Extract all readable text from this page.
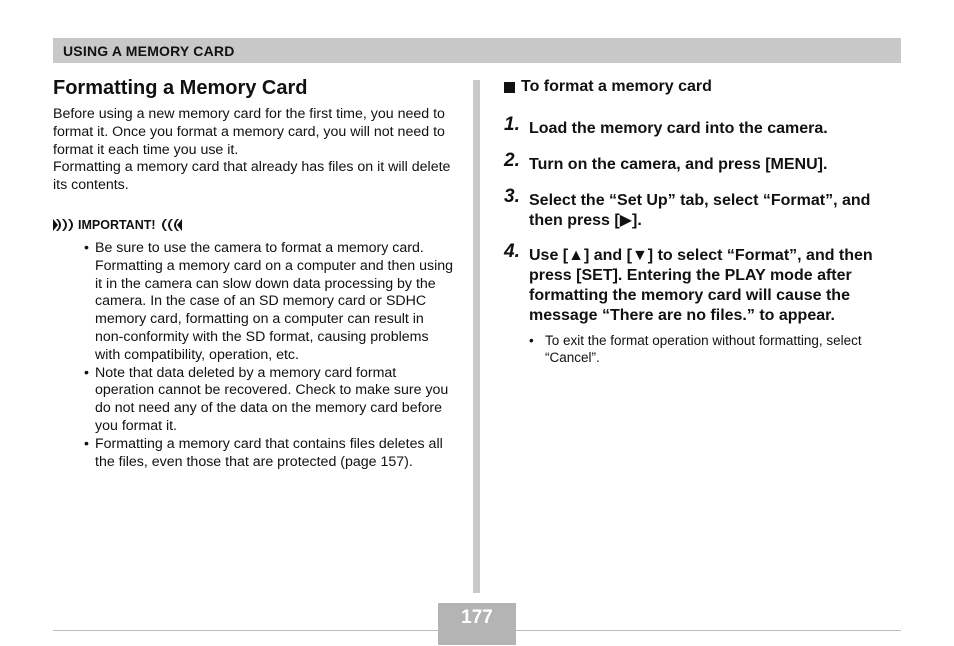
USING A MEMORY CARD
Formatting a Memory Card

Before using a new memory card for the first time, you need to format it. Once you format a memory card, you will not need to format it each time you use it.

Formatting a memory card that already has files on it will delete its contents.

IMPORTANT!
• Be sure to use the camera to format a memory card. Formatting a memory card on a computer and then using it in the camera can slow down data processing by the camera. In the case of an SD memory card or SDHC memory card, formatting on a computer can result in non-conformity with the SD format, causing problems with compatibility, operation, etc.
• Note that data deleted by a memory card format operation cannot be recovered. Check to make sure you do not need any of the data on the memory card before you format it.
• Formatting a memory card that contains files deletes all the files, even those that are protected (page 157).
To format a memory card
1. Load the memory card into the camera.
2. Turn on the camera, and press [MENU].
3. Select the “Set Up” tab, select “Format”, and then press [▶].
4. Use [▲] and [▼] to select “Format”, and then press [SET]. Entering the PLAY mode after formatting the memory card will cause the message “There are no files.” to appear.
• To exit the format operation without formatting, select “Cancel”.
177
